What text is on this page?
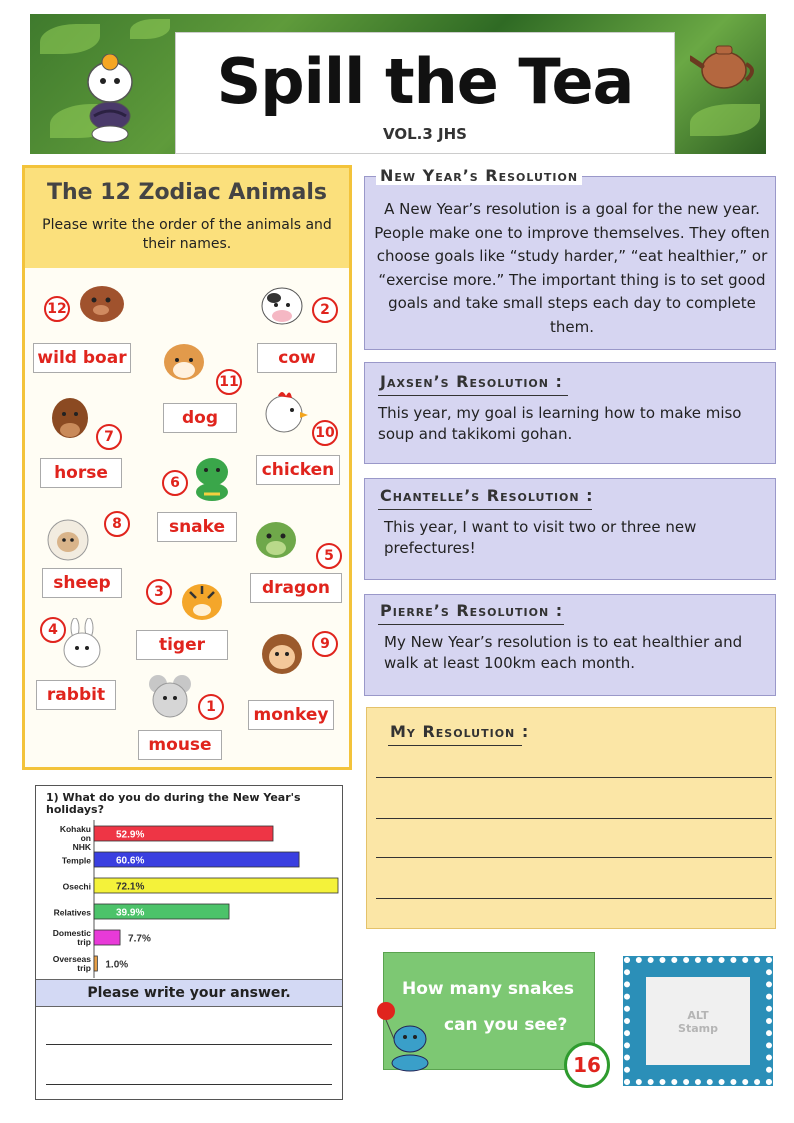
Spill the Tea
VOL.3 JHS
The 12 Zodiac Animals
Please write the order of the animals and their names.
wild boar	cow
dog
horse	chicken
snake
sheep	dragon
tiger
rabbit
monkey
mouse
12	2
11
7	10
6
8
5
3
4
9
1
New Year’s Resolution
A New Year’s resolution is a goal for the new year. People make one to improve themselves. They often choose goals like “study harder,” “eat healthier,” or “exercise more.” The important thing is to set good goals and take small steps each day to complete them.
Jaxsen’s Resolution :
This year, my goal is learning how to make miso soup and takikomi gohan.
Chantelle’s Resolution :
This year, I want to visit two or three new prefectures!
Pierre’s Resolution :
My New Year’s resolution is to eat healthier and walk at least 100km each month.
My Resolution :
1) What do you do during the New Year's holidays?
Kohaku on NHK
52.9%
Temple	60.6%
Osechi	72.1%
Relatives	39.9%
Domestic trip	7.7%
Overseas trip 1.0%
Please write your answer.	How many snakes
can you see?
16
ALT
Stamp
